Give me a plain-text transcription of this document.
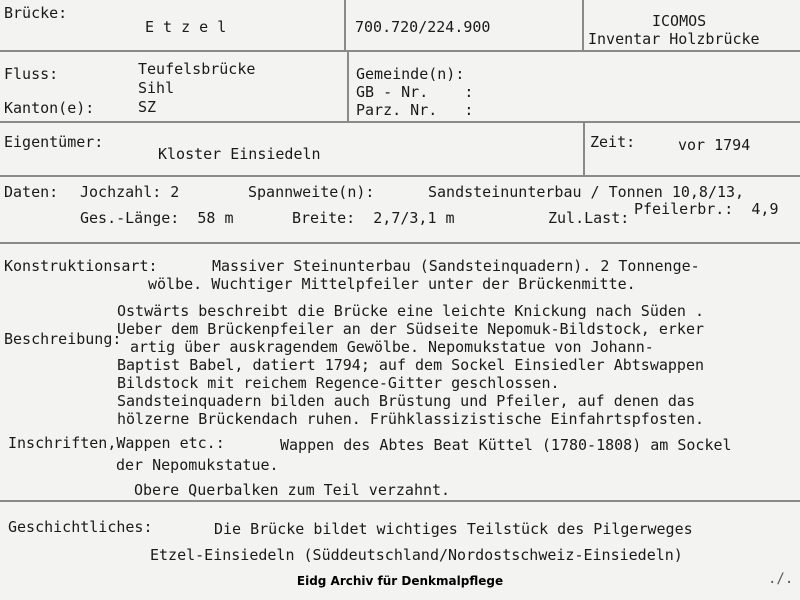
Brücke:
E t z e l	700.720/224.900	ICOMOS
Inventar Holzbrücke
Fluss:	Teufelsbrücke
Sihl
Kanton(e):	SZ
Gemeinde(n):
GB - Nr.    :
Parz. Nr.   :
Eigentümer:
Kloster Einsiedeln
Zeit:	vor 1794
Daten: Jochzahl: 2	Spannweite(n):	Sandsteinunterbau / Tonnen 10,8/13,
Ges.-Länge:  58 m	Breite:  2,7/3,1 m	Zul.Last: Pfeilerbr.:  4,9
Konstruktionsart:	Massiver Steinunterbau (Sandsteinquadern). 2 Tonnenge-
wölbe. Wuchtiger Mittelpfeiler unter der Brückenmitte.
Beschreibung:
Ostwärts beschreibt die Brücke eine leichte Knickung nach Süden .
Ueber dem Brückenpfeiler an der Südseite Nepomuk-Bildstock, erker
artig über auskragendem Gewölbe. Nepomukstatue von Johann-
Baptist Babel, datiert 1794; auf dem Sockel Einsiedler Abtswappen
Bildstock mit reichem Regence-Gitter geschlossen.
Sandsteinquadern bilden auch Brüstung und Pfeiler, auf denen das
hölzerne Brückendach ruhen. Frühklassizistische Einfahrtspfosten.
Inschriften,Wappen etc.:	Wappen des Abtes Beat Küttel (1780-1808) am Sockel
der Nepomukstatue.
Obere Querbalken zum Teil verzahnt.
Geschichtliches:	Die Brücke bildet wichtiges Teilstück des Pilgerweges
Etzel-Einsiedeln (Süddeutschland/Nordostschweiz-Einsiedeln)
Eidg Archiv für Denkmalpflege	./.
